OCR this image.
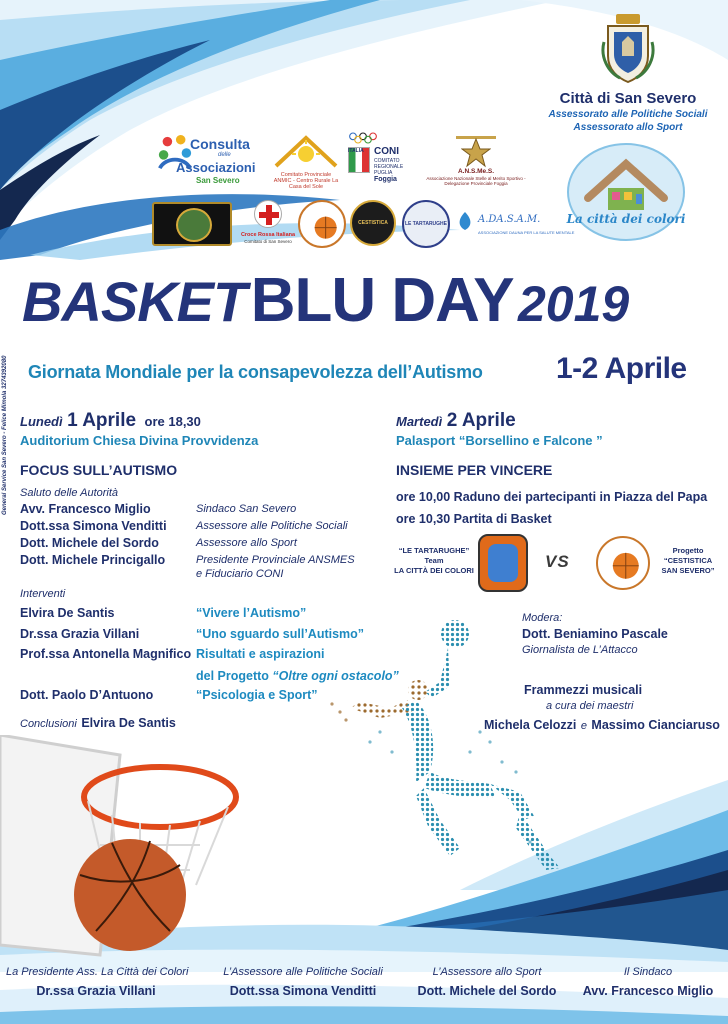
General Service San Severo - Felice Mimola 3274392080
Città di San Severo
Assessorato alle Politiche Sociali
Assessorato allo Sport
La città dei colori
Consulta
delle
Associazioni
San Severo
Comitato Provinciale ANMIC - Centro Rurale La Casa del Sole
ITALIA CONI
COMITATO
REGIONALE
PUGLIA
Foggia
A.N.S.Me.S.
Associazione Nazionale Stelle al Merito Sportivo - Delegazione Provinciale Foggia
Croce Rossa Italiana
Comitato di San Severo
CESTISTICA	LE TARTARUGHE	A.DA.S.A.M.
ASSOCIAZIONE DAUNA PER LA SALUTE MENTALE
BASKET BLU DAY 2019
Giornata Mondiale per la consapevolezza dell’Autismo 1-2 Aprile
Lunedì 1 Aprile ore 18,30
Auditorium Chiesa Divina Provvidenza
FOCUS SULL’AUTISMO
Saluto delle Autorità
Avv. Francesco Miglio	Sindaco San Severo
Dott.ssa Simona Venditti	Assessore alle Politiche Sociali
Dott. Michele del Sordo	Assessore allo Sport
Dott. Michele Princigallo	Presidente Provinciale ANSMES
e Fiduciario CONI
Interventi
Elvira De Santis	“Vivere l’Autismo”
Dr.ssa Grazia Villani	“Uno sguardo sull’Autismo”
Prof.ssa Antonella Magnifico Risultati e aspirazioni
del Progetto “Oltre ogni ostacolo”
Dott. Paolo D’Antuono	“Psicologia e Sport”
Conclusioni Elvira De Santis
Martedì 2 Aprile
Palasport “Borsellino e Falcone ”
INSIEME PER VINCERE
ore 10,00 Raduno dei partecipanti in Piazza del Papa
ore 10,30 Partita di Basket
“LE TARTARUGHE”
Team
LA CITTÀ DEI COLORI	VS
Progetto
“CESTISTICA
SAN SEVERO”
Modera:
Dott. Beniamino Pascale
Giornalista de L’Attacco
Frammezzi musicali
a cura dei maestri
Michela Celozzi e Massimo Cianciaruso
La Presidente Ass. La Città dei Colori
Dr.ssa Grazia Villani
L’Assessore alle Politiche Sociali
Dott.ssa Simona Venditti
L’Assessore allo Sport
Dott. Michele del Sordo
Il Sindaco
Avv. Francesco Miglio
